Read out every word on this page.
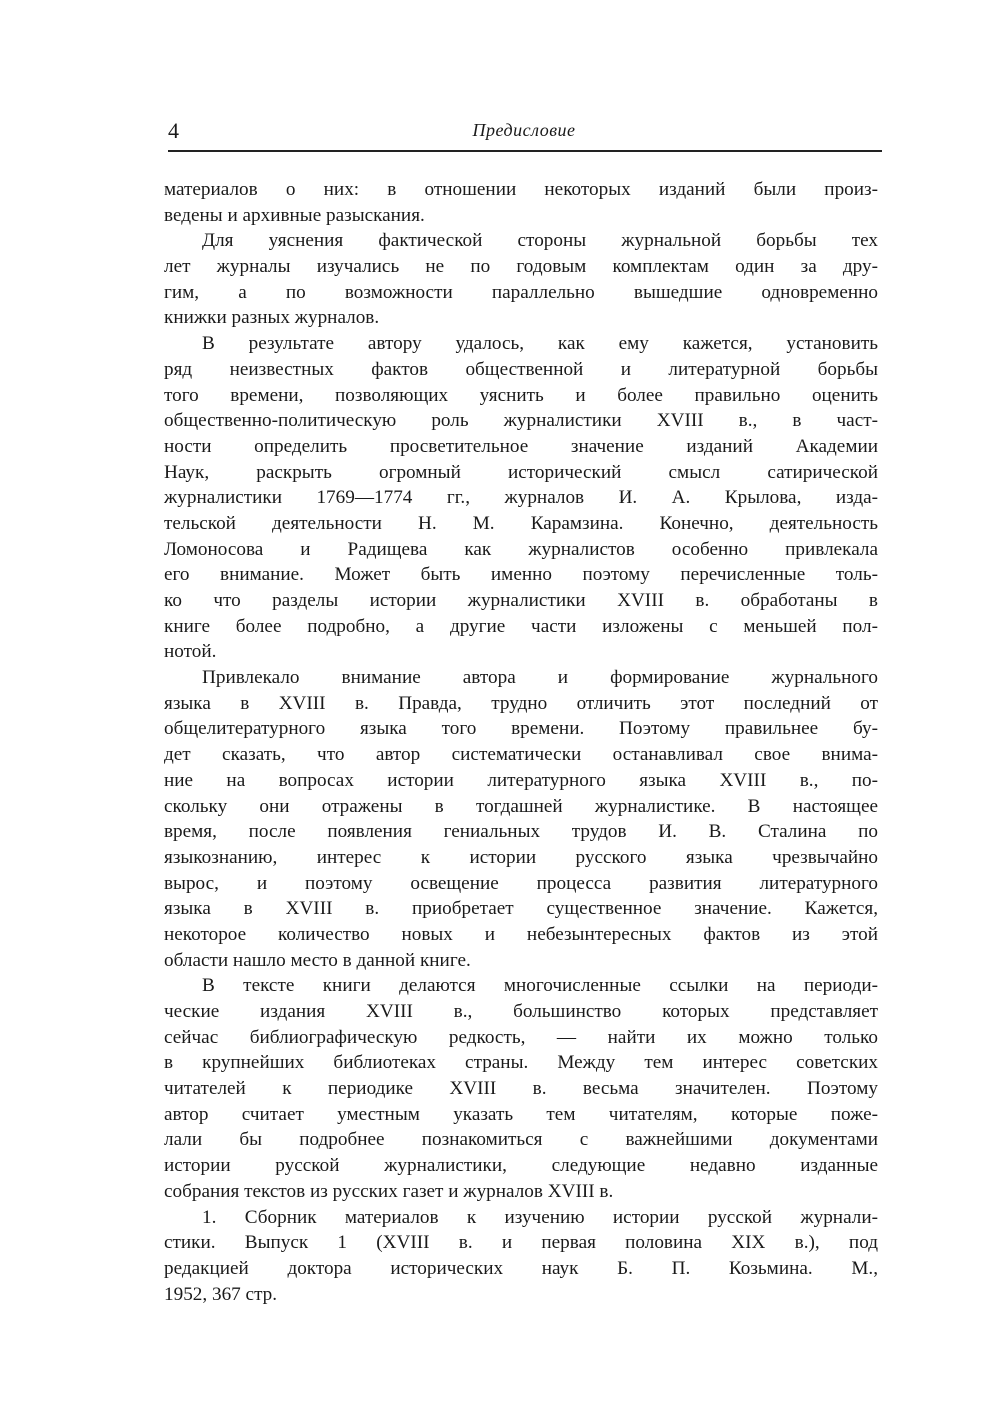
4	Предисловие
материалов о них: в отношении некоторых изданий были произ-
ведены и архивные разыскания.
Для уяснения фактической стороны журнальной борьбы тех
лет журналы изучались не по годовым комплектам один за дру-
гим, а по возможности параллельно вышедшие одновременно
книжки разных журналов.
В результате автору удалось, как ему кажется, установить
ряд неизвестных фактов общественной и литературной борьбы
того времени, позволяющих уяснить и более правильно оценить
общественно-политическую роль журналистики XVIII в., в част-
ности определить просветительное значение изданий Академии
Наук, раскрыть огромный исторический смысл сатирической
журналистики 1769—1774 гг., журналов И. А. Крылова, изда-
тельской деятельности Н. М. Карамзина. Конечно, деятельность
Ломоносова и Радищева как журналистов особенно привлекала
его внимание. Может быть именно поэтому перечисленные толь-
ко что разделы истории журналистики XVIII в. обработаны в
книге более подробно, а другие части изложены с меньшей пол-
нотой.
Привлекало внимание автора и формирование журнального
языка в XVIII в. Правда, трудно отличить этот последний от
общелитературного языка того времени. Поэтому правильнее бу-
дет сказать, что автор систематически останавливал свое внима-
ние на вопросах истории литературного языка XVIII в., по-
скольку они отражены в тогдашней журналистике. В настоящее
время, после появления гениальных трудов И. В. Сталина по
языкознанию, интерес к истории русского языка чрезвычайно
вырос, и поэтому освещение процесса развития литературного
языка в XVIII в. приобретает существенное значение. Кажется,
некоторое количество новых и небезынтересных фактов из этой
области нашло место в данной книге.
В тексте книги делаются многочисленные ссылки на периоди-
ческие издания XVIII в., большинство которых представляет
сейчас библиографическую редкость, — найти их можно только
в крупнейших библиотеках страны. Между тем интерес советских
читателей к периодике XVIII в. весьма значителен. Поэтому
автор считает уместным указать тем читателям, которые поже-
лали бы подробнее познакомиться с важнейшими документами
истории русской журналистики, следующие недавно изданные
собрания текстов из русских газет и журналов XVIII в.
1. Сборник материалов к изучению истории русской журнали-
стики. Выпуск 1 (XVIII в. и первая половина XIX в.), под
редакцией доктора исторических наук Б. П. Козьмина. М.,
1952, 367 стр.
